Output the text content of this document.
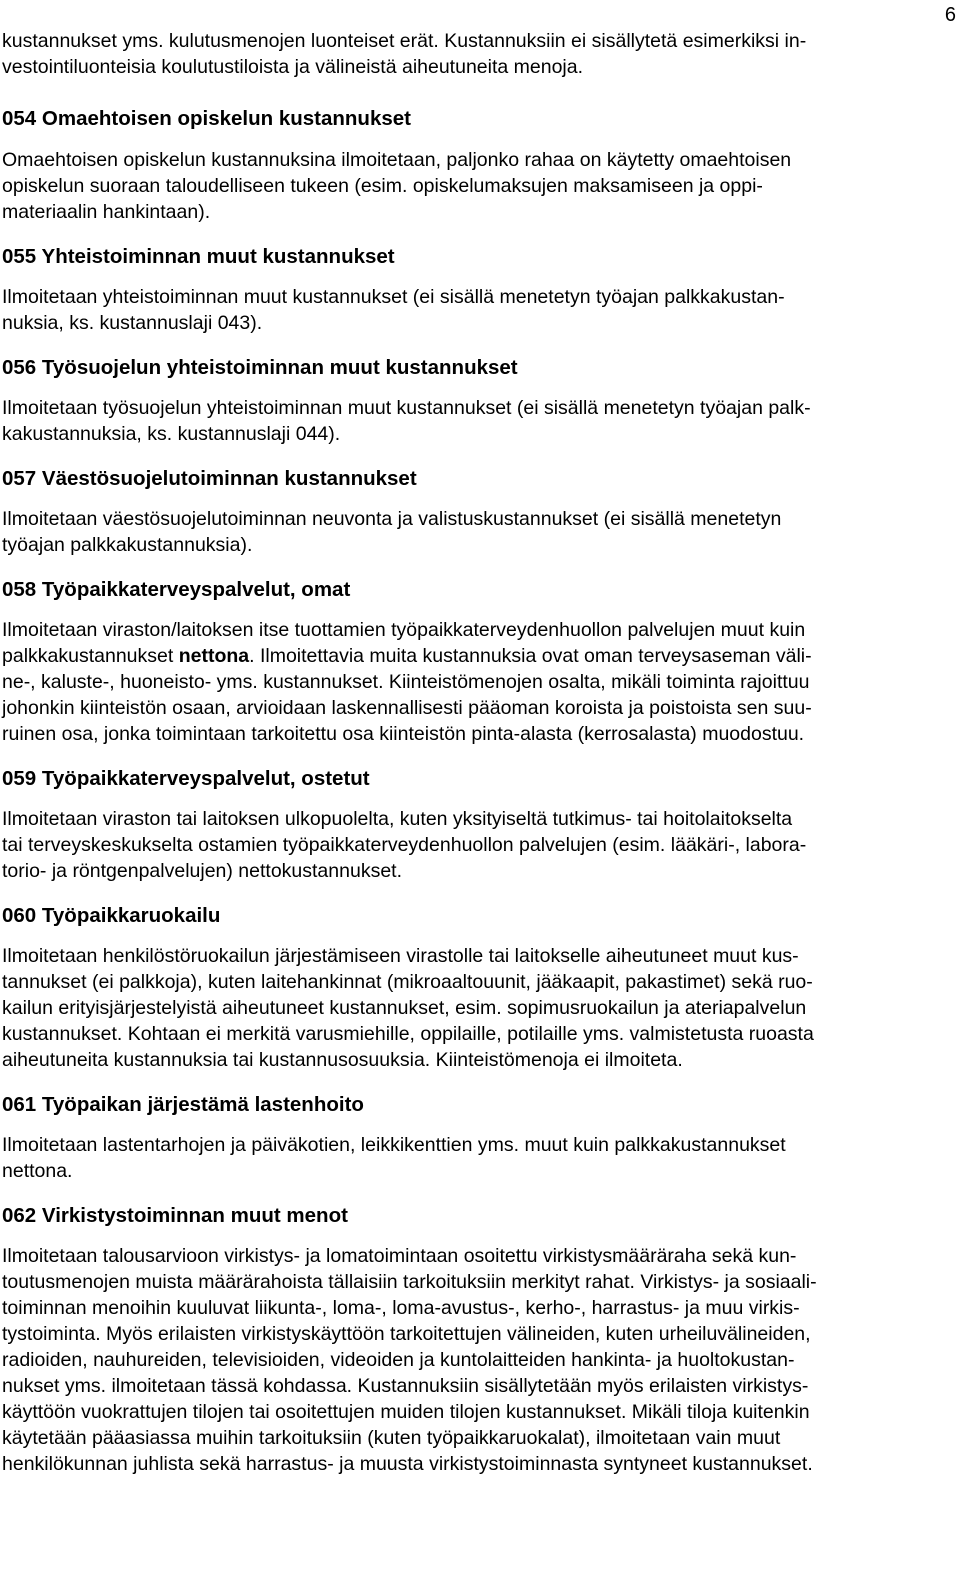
6
kustannukset yms. kulutusmenojen luonteiset erät. Kustannuksiin ei sisällytetä esimerkiksi in-
vestointiluonteisia koulutustiloista ja välineistä aiheutuneita menoja.
054 Omaehtoisen opiskelun kustannukset
Omaehtoisen opiskelun kustannuksina ilmoitetaan, paljonko rahaa on käytetty omaehtoisen
opiskelun suoraan taloudelliseen tukeen (esim. opiskelumaksujen maksamiseen ja oppi-
materiaalin hankintaan).
055 Yhteistoiminnan muut kustannukset
Ilmoitetaan yhteistoiminnan muut kustannukset (ei sisällä menetetyn työajan palkkakustan-
nuksia, ks. kustannuslaji 043).
056 Työsuojelun yhteistoiminnan muut kustannukset
Ilmoitetaan työsuojelun yhteistoiminnan muut kustannukset (ei sisällä menetetyn työajan palk-
kakustannuksia, ks. kustannuslaji 044).
057 Väestösuojelutoiminnan kustannukset
Ilmoitetaan väestösuojelutoiminnan neuvonta ja valistuskustannukset (ei sisällä menetetyn
työajan palkkakustannuksia).
058 Työpaikkaterveyspalvelut, omat
Ilmoitetaan viraston/laitoksen itse tuottamien työpaikkaterveydenhuollon palvelujen muut kuin
palkkakustannukset nettona. Ilmoitettavia muita kustannuksia ovat oman terveysaseman väli-
ne-, kaluste-, huoneisto- yms. kustannukset. Kiinteistömenojen osalta, mikäli toiminta rajoittuu
johonkin kiinteistön osaan, arvioidaan laskennallisesti pääoman koroista ja poistoista sen suu-
ruinen osa, jonka toimintaan tarkoitettu osa kiinteistön pinta-alasta (kerrosalasta) muodostuu.
059 Työpaikkaterveyspalvelut, ostetut
Ilmoitetaan viraston tai laitoksen ulkopuolelta, kuten yksityiseltä tutkimus- tai hoitolaitokselta
tai terveyskeskukselta ostamien työpaikkaterveydenhuollon palvelujen (esim. lääkäri-, labora-
torio- ja röntgenpalvelujen) nettokustannukset.
060 Työpaikkaruokailu
Ilmoitetaan henkilöstöruokailun järjestämiseen virastolle tai laitokselle aiheutuneet muut kus-
tannukset (ei palkkoja), kuten laitehankinnat (mikroaaltouunit, jääkaapit, pakastimet) sekä ruo-
kailun erityisjärjestelyistä aiheutuneet kustannukset, esim. sopimusruokailun ja ateriapalvelun
kustannukset. Kohtaan ei merkitä varusmiehille, oppilaille, potilaille yms. valmistetusta ruoasta
aiheutuneita kustannuksia tai kustannusosuuksia. Kiinteistömenoja ei ilmoiteta.
061 Työpaikan järjestämä lastenhoito
Ilmoitetaan lastentarhojen ja päiväkotien, leikkikenttien yms. muut kuin palkkakustannukset
nettona.
062 Virkistystoiminnan muut menot
Ilmoitetaan talousarvioon virkistys- ja lomatoimintaan osoitettu virkistysmääräraha sekä kun-
toutusmenojen muista määrärahoista tällaisiin tarkoituksiin merkityt rahat. Virkistys- ja sosiaali-
toiminnan menoihin kuuluvat liikunta-, loma-, loma-avustus-, kerho-, harrastus- ja muu virkis-
tystoiminta. Myös erilaisten virkistyskäyttöön tarkoitettujen välineiden, kuten urheiluvälineiden,
radioiden, nauhureiden, televisioiden, videoiden ja kuntolaitteiden hankinta- ja huoltokustan-
nukset yms. ilmoitetaan tässä kohdassa. Kustannuksiin sisällytetään myös erilaisten virkistys-
käyttöön vuokrattujen tilojen tai osoitettujen muiden tilojen kustannukset. Mikäli tiloja kuitenkin
käytetään pääasiassa muihin tarkoituksiin (kuten työpaikkaruokalat), ilmoitetaan vain muut
henkilökunnan juhlista sekä harrastus- ja muusta virkistystoiminnasta syntyneet kustannukset.
